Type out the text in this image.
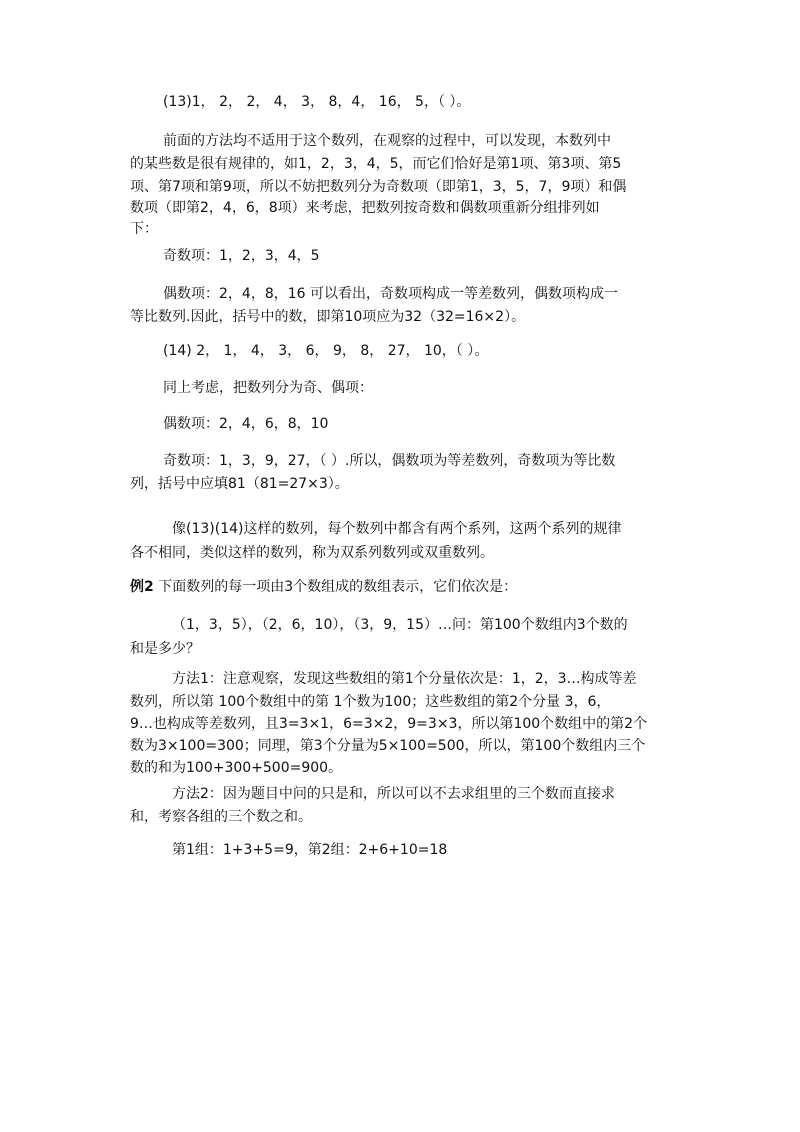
(13)1， 2， 2， 4， 3， 8，4， 16， 5，（ ）。
前面的方法均不适用于这个数列，在观察的过程中，可以发现，本数列中
的某些数是很有规律的，如1，2，3，4，5，而它们恰好是第1项、第3项、第5
项、第7项和第9项，所以不妨把数列分为奇数项（即第1，3，5，7，9项）和偶
数项（即第2，4，6，8项）来考虑，把数列按奇数和偶数项重新分组排列如
下：
奇数项：1，2，3，4，5
偶数项：2，4，8，16 可以看出，奇数项构成一等差数列，偶数项构成一
等比数列.因此，括号中的数，即第10项应为32（32=16×2）。
(14) 2， 1， 4， 3， 6， 9， 8， 27， 10，（ ）。
同上考虑，把数列分为奇、偶项：
偶数项：2，4，6，8，10
奇数项：1，3，9，27，（ ）.所以，偶数项为等差数列，奇数项为等比数
列，括号中应填81（81=27×3）。
像(13)(14)这样的数列，每个数列中都含有两个系列，这两个系列的规律
各不相同，类似这样的数列，称为双系列数列或双重数列。
例2 下面数列的每一项由3个数组成的数组表示，它们依次是：
（1，3，5），（2，6，10），（3，9，15）…问：第100个数组内3个数的
和是多少？
方法1：注意观察，发现这些数组的第1个分量依次是：1，2，3…构成等差
数列，所以第 100个数组中的第 1个数为100；这些数组的第2个分量 3，6，
9…也构成等差数列，且3=3×1，6=3×2，9=3×3，所以第100个数组中的第2个
数为3×100=300；同理，第3个分量为5×100=500，所以，第100个数组内三个
数的和为100+300+500=900。
方法2：因为题目中问的只是和，所以可以不去求组里的三个数而直接求
和，考察各组的三个数之和。
第1组：1+3+5=9，第2组：2+6+10=18
